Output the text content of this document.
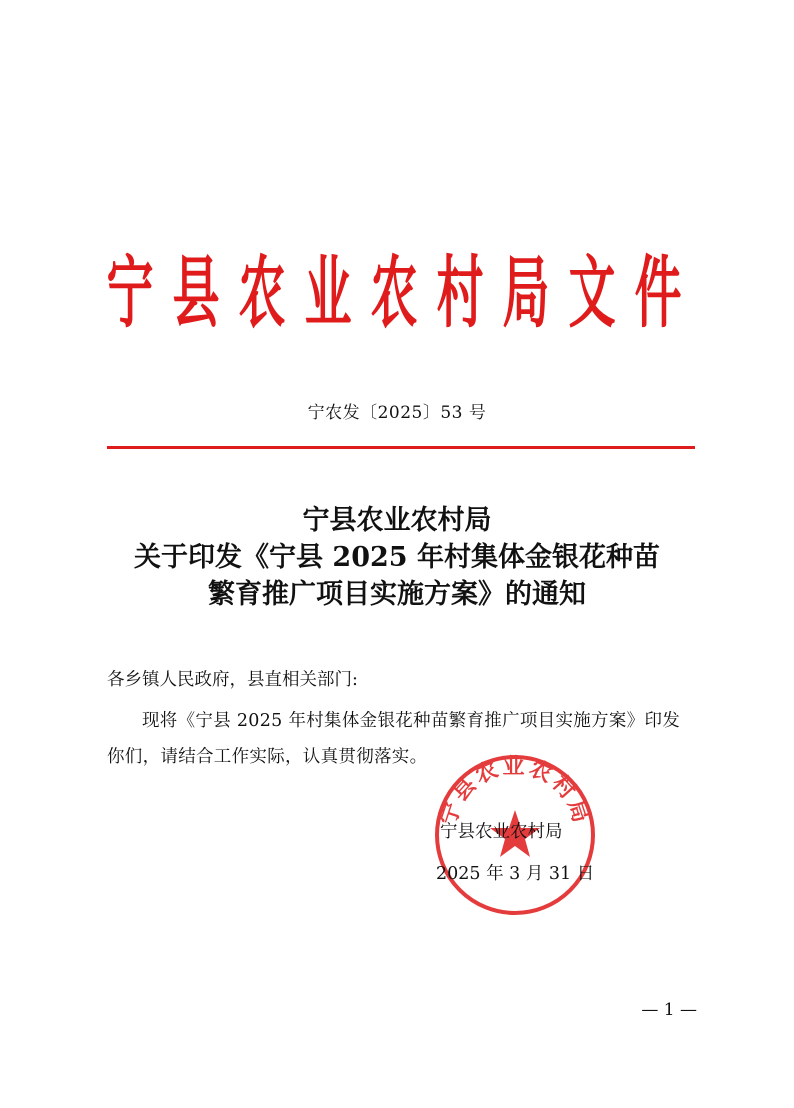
宁 县 农 业 农 村 局 文 件
宁农发〔2025〕53 号
宁县农业农村局
关于印发《宁县 2025 年村集体金银花种苗
繁育推广项目实施方案》的通知
各乡镇人民政府，县直相关部门:
现将《宁县 2025 年村集体金银花种苗繁育推广项目实施方案》印发你们，请结合工作实际，认真贯彻落实。
宁县农业农村局
宁县农业农村局
2025 年 3 月 31 日
— 1 —
